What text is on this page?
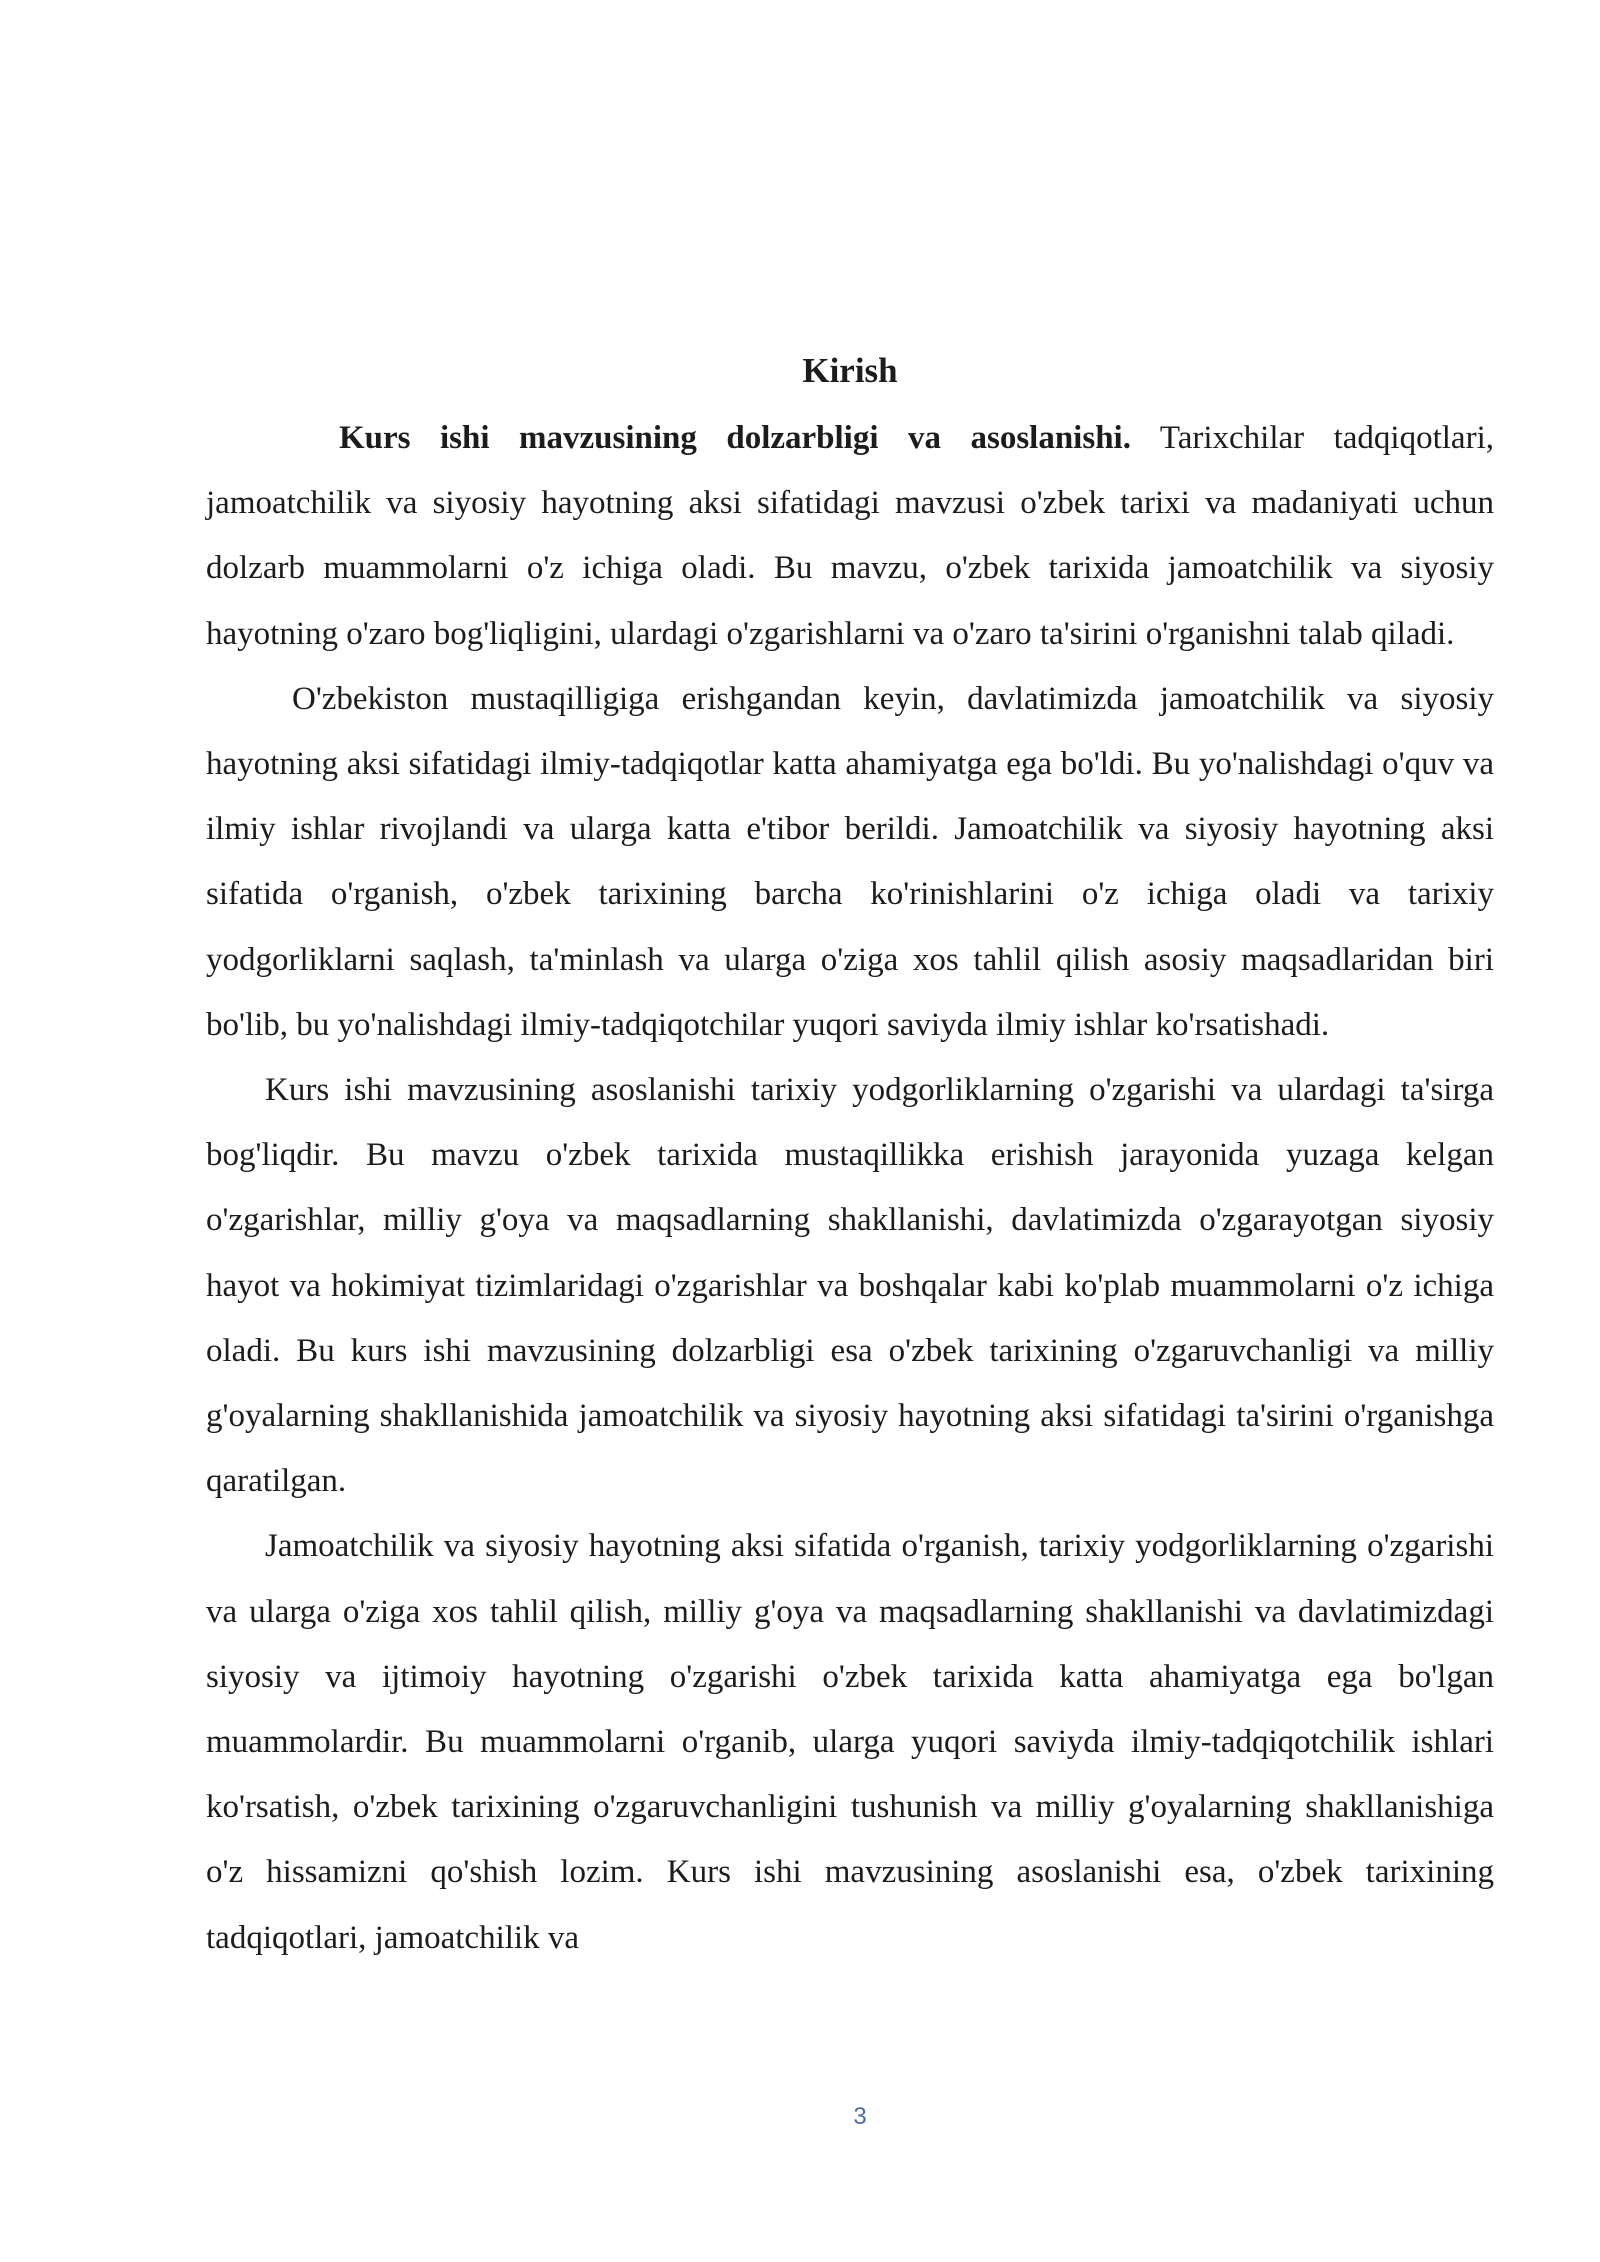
Kirish

Kurs ishi mavzusining dolzarbligi va asoslanishi. Tarixchilar tadqiqotlari, jamoatchilik va siyosiy hayotning aksi sifatidagi mavzusi o'zbek tarixi va madaniyati uchun dolzarb muammolarni o'z ichiga oladi. Bu mavzu, o'zbek tarixida jamoatchilik va siyosiy hayotning o'zaro bog'liqligini, ulardagi o'zgarishlarni va o'zaro ta'sirini o'rganishni talab qiladi.

O'zbekiston mustaqilligiga erishgandan keyin, davlatimizda jamoatchilik va siyosiy hayotning aksi sifatidagi ilmiy-tadqiqotlar katta ahamiyatga ega bo'ldi. Bu yo'nalishdagi o'quv va ilmiy ishlar rivojlandi va ularga katta e'tibor berildi. Jamoatchilik va siyosiy hayotning aksi sifatida o'rganish, o'zbek tarixining barcha ko'rinishlarini o'z ichiga oladi va tarixiy yodgorliklarni saqlash, ta'minlash va ularga o'ziga xos tahlil qilish asosiy maqsadlaridan biri bo'lib, bu yo'nalishdagi ilmiy-tadqiqotchilar yuqori saviyda ilmiy ishlar ko'rsatishadi.

Kurs ishi mavzusining asoslanishi tarixiy yodgorliklarning o'zgarishi va ulardagi ta'sirga bog'liqdir. Bu mavzu o'zbek tarixida mustaqillikka erishish jarayonida yuzaga kelgan o'zgarishlar, milliy g'oya va maqsadlarning shakllanishi, davlatimizda o'zgarayotgan siyosiy hayot va hokimiyat tizimlaridagi o'zgarishlar va boshqalar kabi ko'plab muammolarni o'z ichiga oladi. Bu kurs ishi mavzusining dolzarbligi esa o'zbek tarixining o'zgaruvchanligi va milliy g'oyalarning shakllanishida jamoatchilik va siyosiy hayotning aksi sifatidagi ta'sirini o'rganishga qaratilgan.

Jamoatchilik va siyosiy hayotning aksi sifatida o'rganish, tarixiy yodgorliklarning o'zgarishi va ularga o'ziga xos tahlil qilish, milliy g'oya va maqsadlarning shakllanishi va davlatimizdagi siyosiy va ijtimoiy hayotning o'zgarishi o'zbek tarixida katta ahamiyatga ega bo'lgan muammolardir. Bu muammolarni o'rganib, ularga yuqori saviyda ilmiy-tadqiqotchilik ishlari ko'rsatish, o'zbek tarixining o'zgaruvchanligini tushunish va milliy g'oyalarning shakllanishiga o'z hissamizni qo'shish lozim. Kurs ishi mavzusining asoslanishi esa, o'zbek tarixining tadqiqotlari, jamoatchilik va

3
